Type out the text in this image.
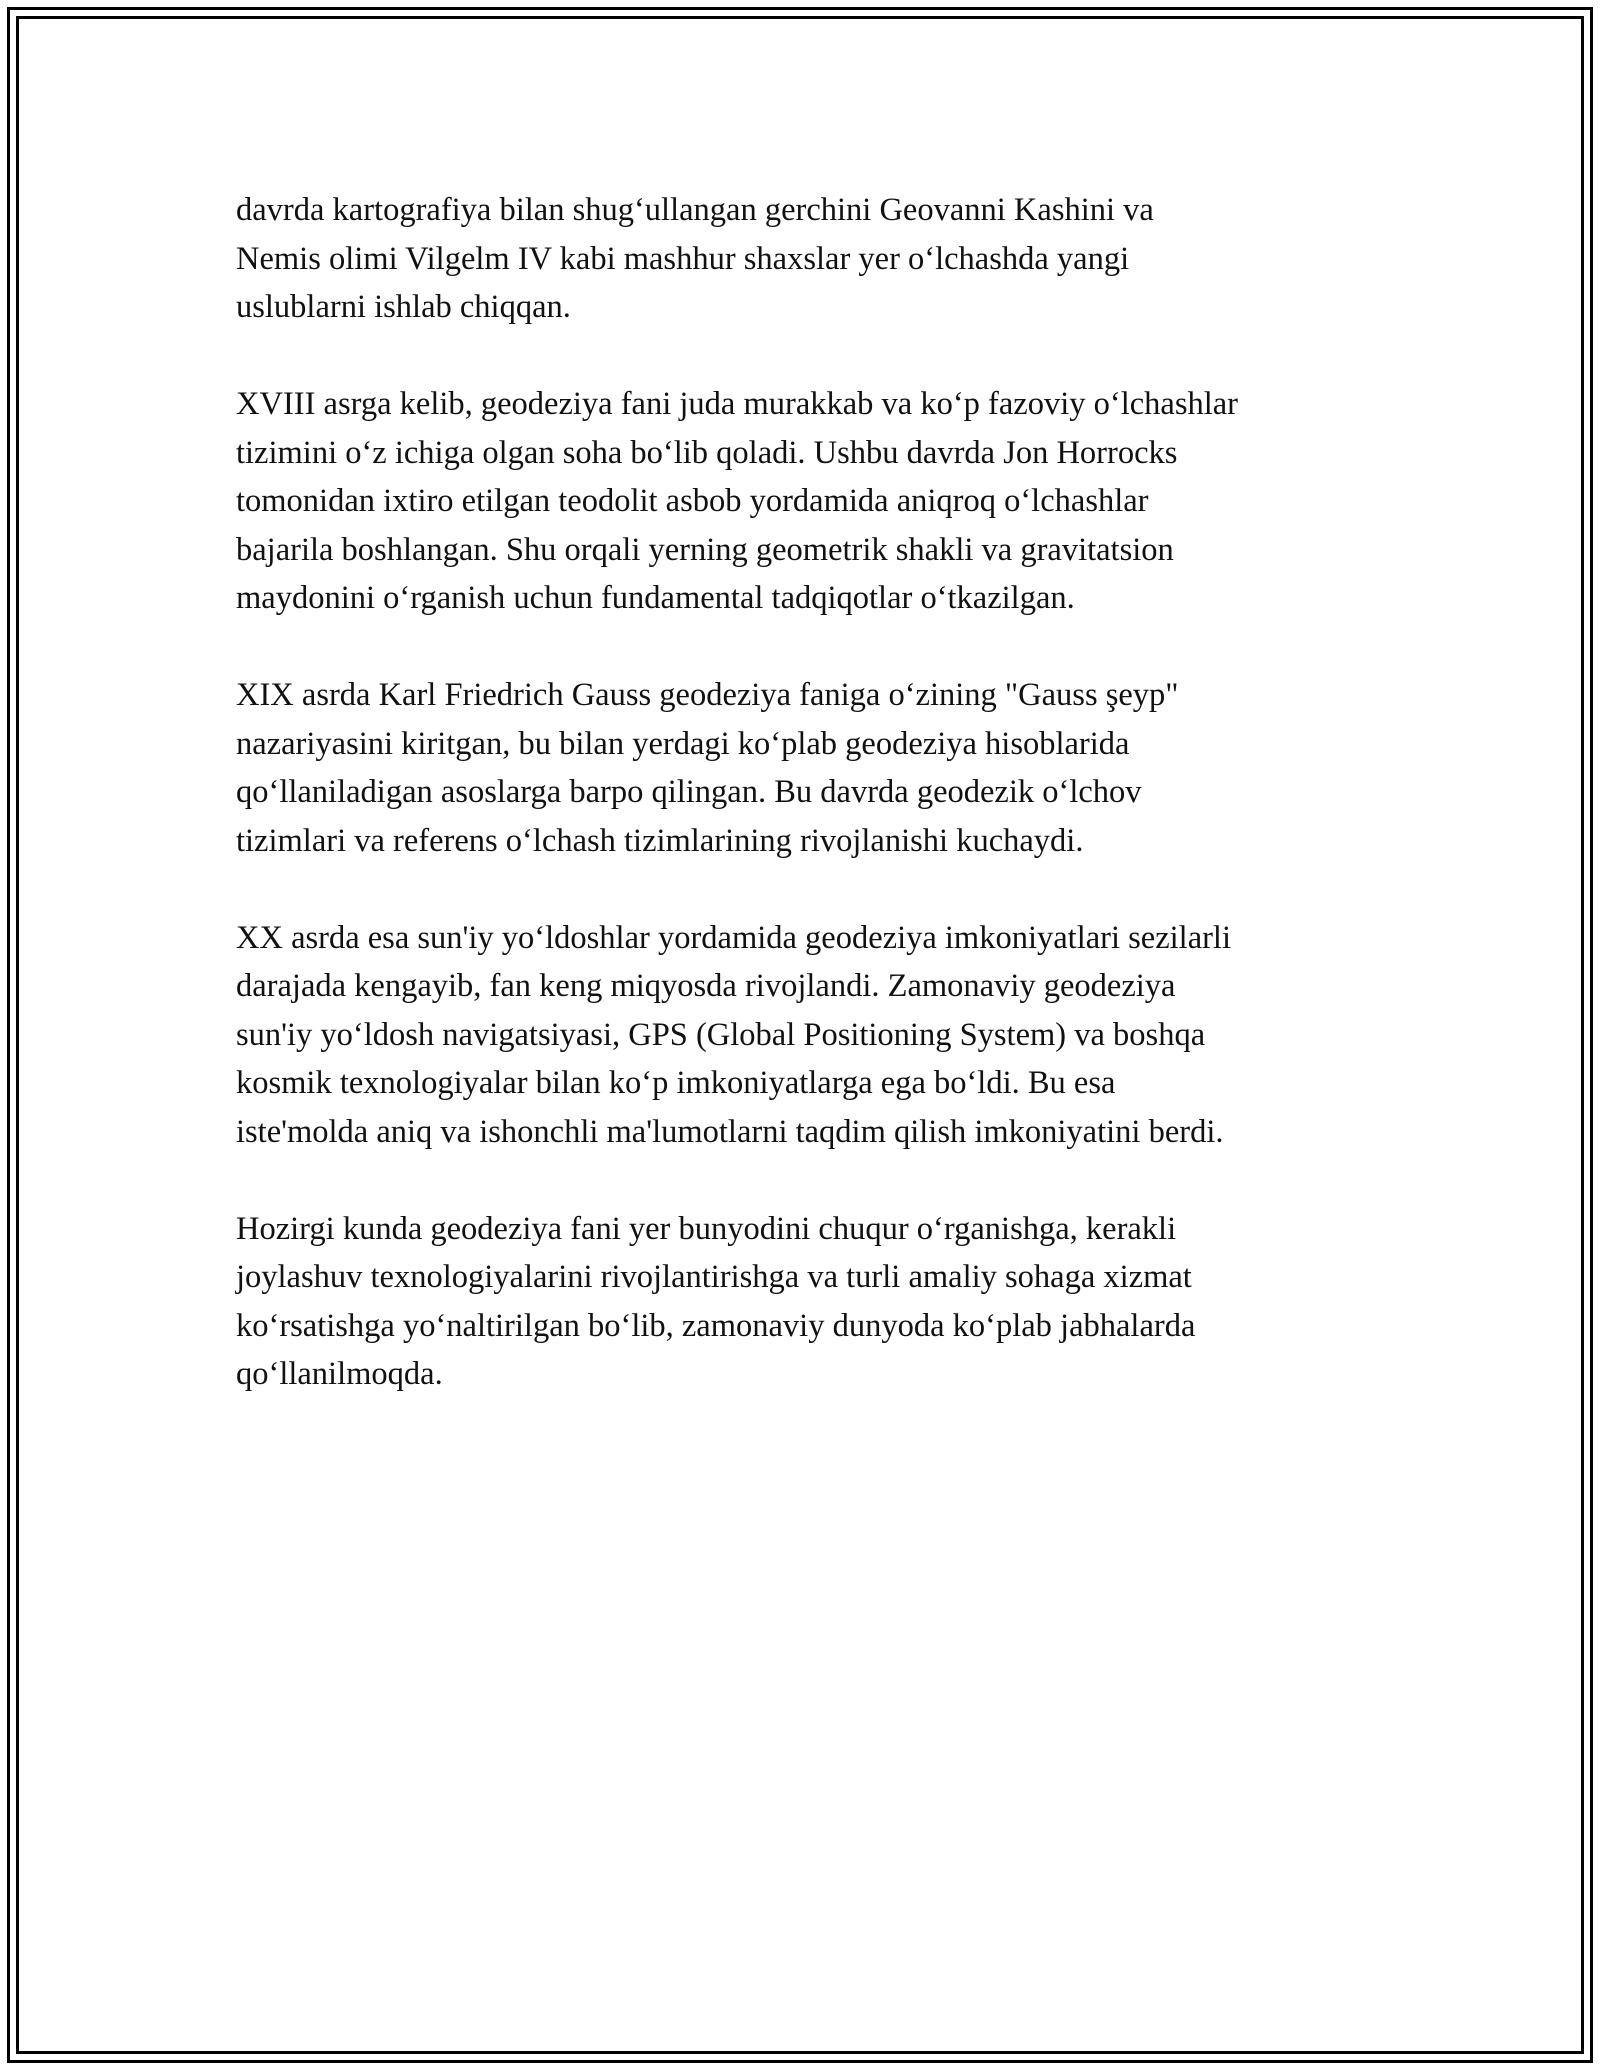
davrda kartografiya bilan shug‘ullangan gerchini Geovanni Kashini va
Nemis olimi Vilgelm IV kabi mashhur shaxslar yer o‘lchashda yangi
uslublarni ishlab chiqqan.

XVIII asrga kelib, geodeziya fani juda murakkab va ko‘p fazoviy o‘lchashlar
tizimini o‘z ichiga olgan soha bo‘lib qoladi. Ushbu davrda Jon Horrocks
tomonidan ixtiro etilgan teodolit asbob yordamida aniqroq o‘lchashlar
bajarila boshlangan. Shu orqali yerning geometrik shakli va gravitatsion
maydonini o‘rganish uchun fundamental tadqiqotlar o‘tkazilgan.

XIX asrda Karl Friedrich Gauss geodeziya faniga o‘zining "Gauss şeyp"
nazariyasini kiritgan, bu bilan yerdagi ko‘plab geodeziya hisoblarida
qo‘llaniladigan asoslarga barpo qilingan. Bu davrda geodezik o‘lchov
tizimlari va referens o‘lchash tizimlarining rivojlanishi kuchaydi.

XX asrda esa sun'iy yo‘ldoshlar yordamida geodeziya imkoniyatlari sezilarli
darajada kengayib, fan keng miqyosda rivojlandi. Zamonaviy geodeziya
sun'iy yo‘ldosh navigatsiyasi, GPS (Global Positioning System) va boshqa
kosmik texnologiyalar bilan ko‘p imkoniyatlarga ega bo‘ldi. Bu esa
iste'molda aniq va ishonchli ma'lumotlarni taqdim qilish imkoniyatini berdi.

Hozirgi kunda geodeziya fani yer bunyodini chuqur o‘rganishga, kerakli
joylashuv texnologiyalarini rivojlantirishga va turli amaliy sohaga xizmat
ko‘rsatishga yo‘naltirilgan bo‘lib, zamonaviy dunyoda ko‘plab jabhalarda
qo‘llanilmoqda.
